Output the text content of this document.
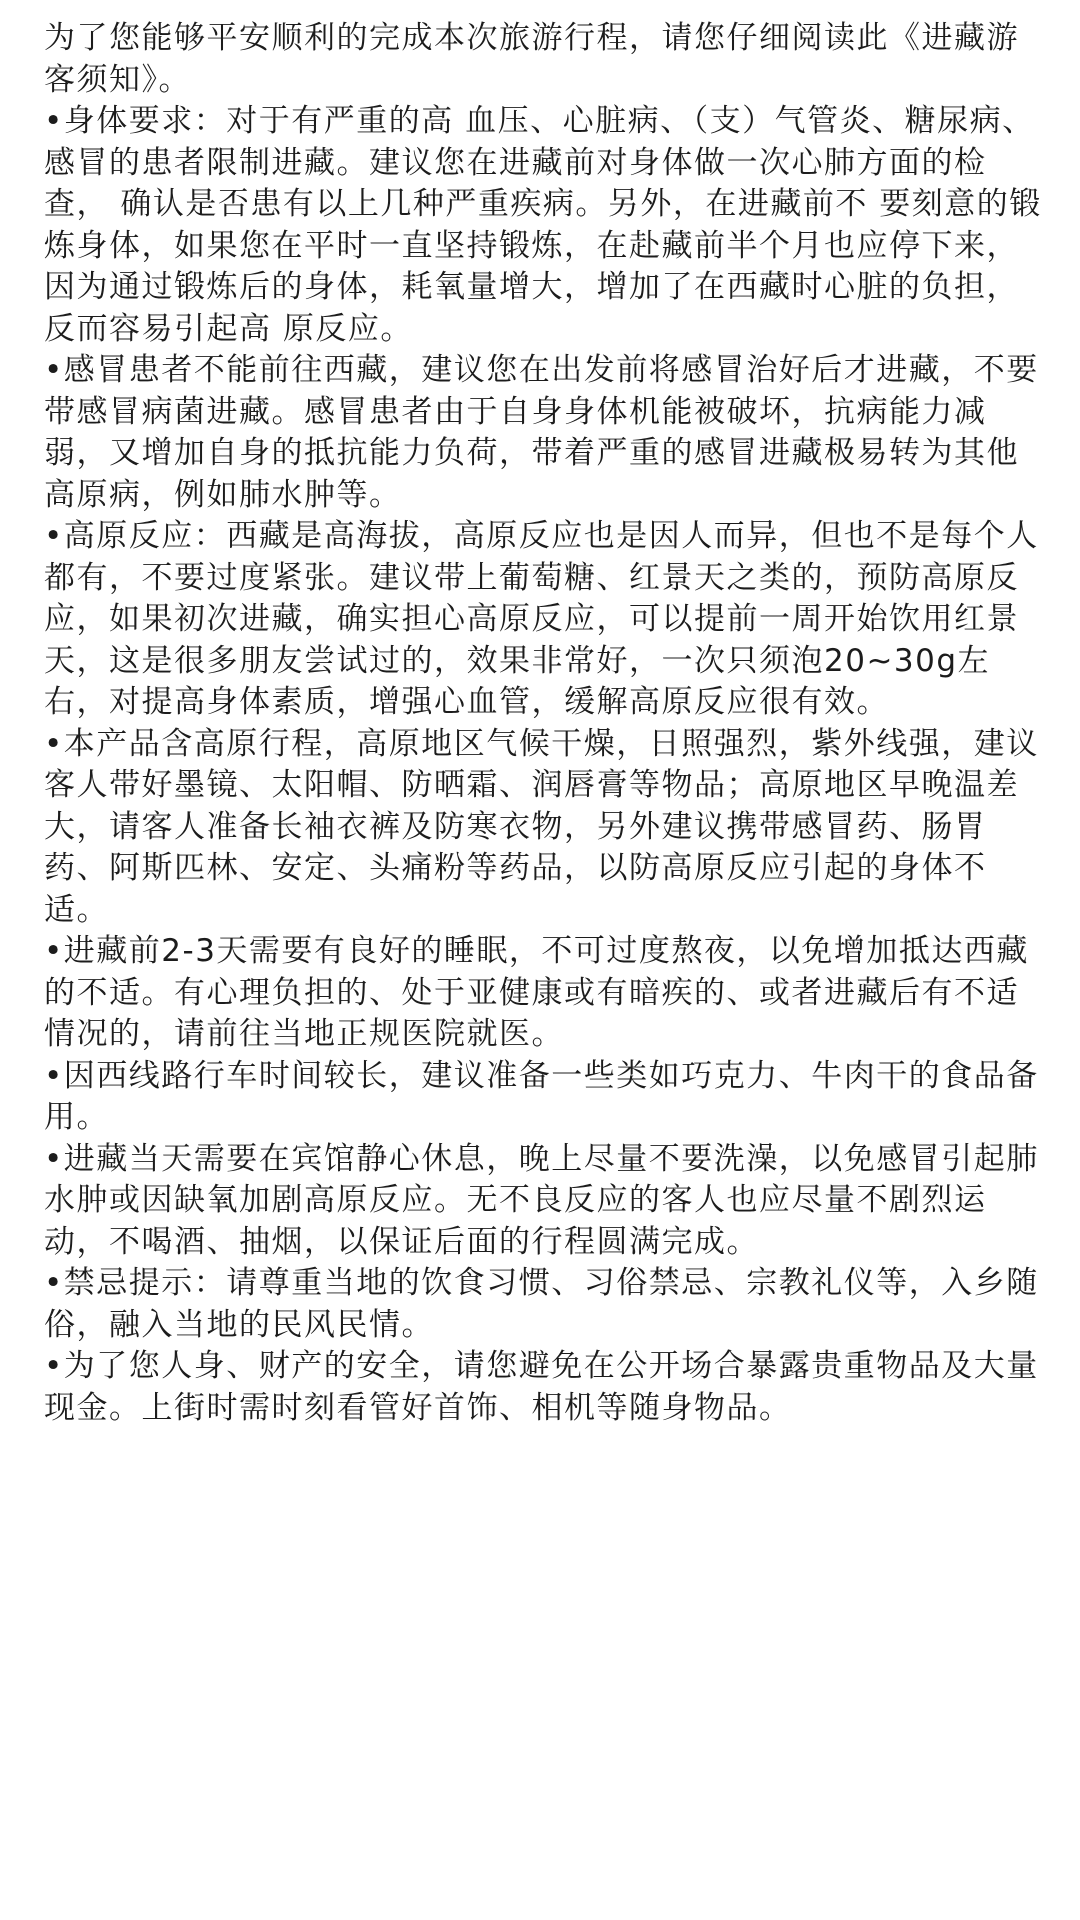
为了您能够平安顺利的完成本次旅游行程，请您仔细阅读此《进藏游客须知》。

•身体要求：对于有严重的高 血压、心脏病、（支）气管炎、糖尿病、感冒的患者限制进藏。建议您在进藏前对身体做一次心肺方面的检   查， 确认是否患有以上几种严重疾病。另外，在进藏前不 要刻意的锻炼身体，如果您在平时一直坚持锻炼，在赴藏前半个月也应停下来，因为通过锻炼后的身体，耗氧量增大，增加了在西藏时心脏的负担，反而容易引起高 原反应。

•感冒患者不能前往西藏，建议您在出发前将感冒治好后才进藏，不要带感冒病菌进藏。感冒患者由于自身身体机能被破坏，抗病能力减弱，又增加自身的抵抗能力负荷，带着严重的感冒进藏极易转为其他高原病，例如肺水肿等。

•高原反应：西藏是高海拔，高原反应也是因人而异，但也不是每个人都有，不要过度紧张。建议带上葡萄糖、红景天之类的，预防高原反应，如果初次进藏，确实担心高原反应，可以提前一周开始饮用红景天，这是很多朋友尝试过的，效果非常好，一次只须泡20~30g左右，对提高身体素质，增强心血管，缓解高原反应很有效。

•本产品含高原行程，高原地区气候干燥，日照强烈，紫外线强，建议客人带好墨镜、太阳帽、防晒霜、润唇膏等物品；高原地区早晚温差大，请客人准备长袖衣裤及防寒衣物，另外建议携带感冒药、肠胃药、阿斯匹林、安定、头痛粉等药品，以防高原反应引起的身体不适。

•进藏前2-3天需要有良好的睡眠，不可过度熬夜，以免增加抵达西藏的不适。有心理负担的、处于亚健康或有暗疾的、或者进藏后有不适情况的，请前往当地正规医院就医。

•因西线路行车时间较长，建议准备一些类如巧克力、牛肉干的食品备用。

•进藏当天需要在宾馆静心休息，晚上尽量不要洗澡，以免感冒引起肺水肿或因缺氧加剧高原反应。无不良反应的客人也应尽量不剧烈运动，不喝酒、抽烟，以保证后面的行程圆满完成。

•禁忌提示：请尊重当地的饮食习惯、习俗禁忌、宗教礼仪等，入乡随俗，融入当地的民风民情。

•为了您人身、财产的安全，请您避免在公开场合暴露贵重物品及大量现金。上街时需时刻看管好首饰、相机等随身物品。
